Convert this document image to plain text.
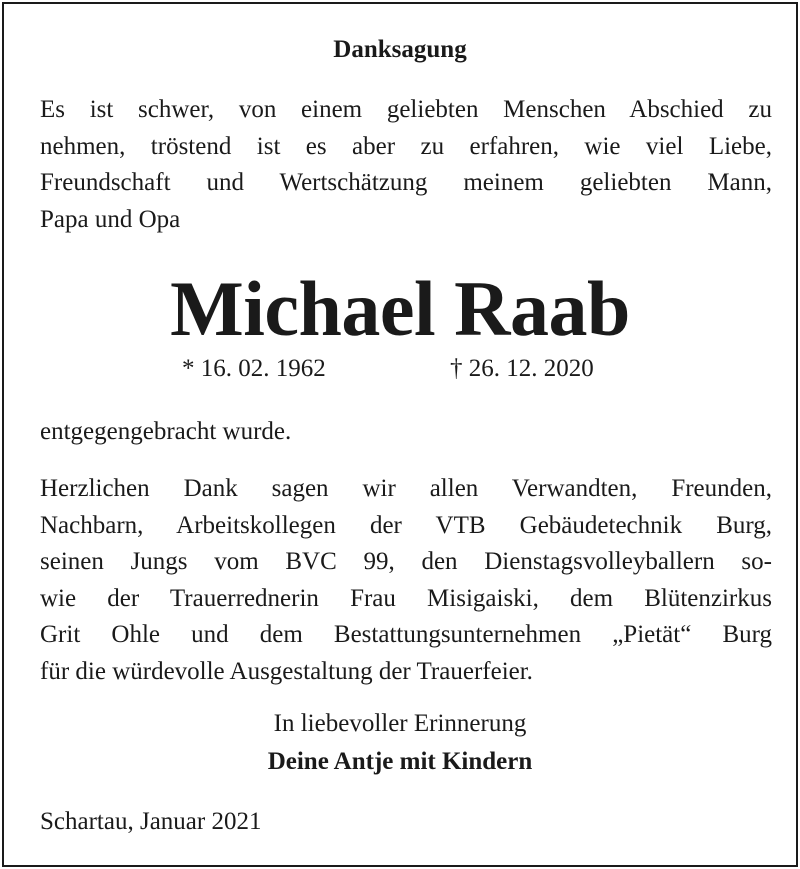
Danksagung
Es ist schwer, von einem geliebten Menschen Abschied zu
nehmen, tröstend ist es aber zu erfahren, wie viel Liebe,
Freundschaft und Wertschätzung meinem geliebten Mann,
Papa und Opa
Michael Raab
* 16. 02. 1962	† 26. 12. 2020
entgegengebracht wurde.
Herzlichen Dank sagen wir allen Verwandten, Freunden,
Nachbarn, Arbeitskollegen der VTB Gebäudetechnik Burg,
seinen Jungs vom BVC 99, den Dienstagsvolleyballern so-
wie der Trauerrednerin Frau Misigaiski, dem Blütenzirkus
Grit Ohle und dem Bestattungsunternehmen „Pietät“ Burg
für die würdevolle Ausgestaltung der Trauerfeier.
In liebevoller Erinnerung
Deine Antje mit Kindern
Schartau, Januar 2021
